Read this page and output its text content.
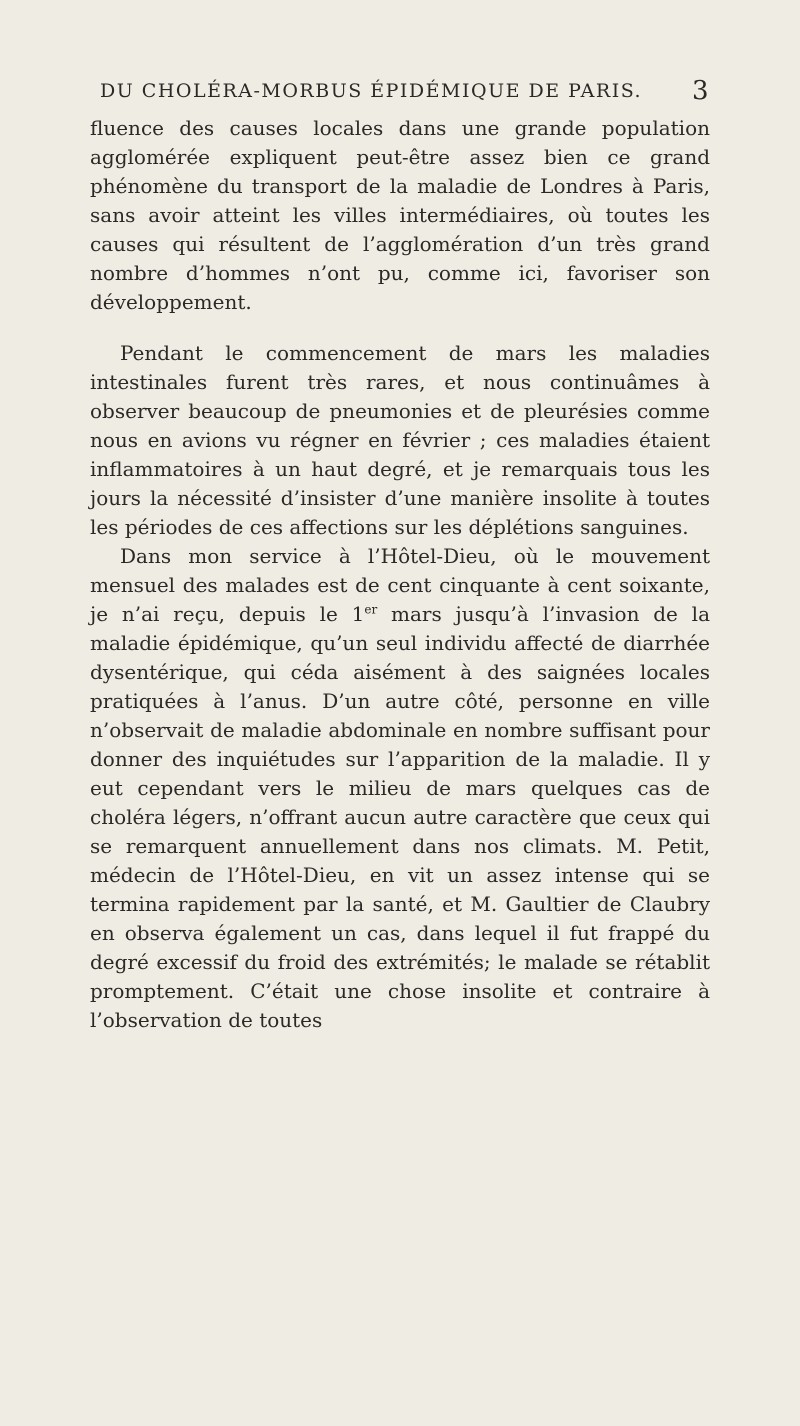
DU CHOLÉRA-MORBUS ÉPIDÉMIQUE DE PARIS. 3

fluence des causes locales dans une grande population agglomérée expliquent peut-être assez bien ce grand phénomène du transport de la maladie de Londres à Paris, sans avoir atteint les villes intermédiaires, où toutes les causes qui résultent de l’agglomération d’un très grand nombre d’hommes n’ont pu, comme ici, favoriser son développement.

Pendant le commencement de mars les maladies intestinales furent très rares, et nous continuâmes à observer beaucoup de pneumonies et de pleurésies comme nous en avions vu régner en février ; ces maladies étaient inflammatoires à un haut degré, et je remarquais tous les jours la nécessité d’insister d’une manière insolite à toutes les périodes de ces affections sur les déplétions sanguines.

Dans mon service à l’Hôtel-Dieu, où le mouvement mensuel des malades est de cent cinquante à cent soixante, je n’ai reçu, depuis le 1er mars jusqu’à l’invasion de la maladie épidémique, qu’un seul individu affecté de diarrhée dysentérique, qui céda aisément à des saignées locales pratiquées à l’anus. D’un autre côté, personne en ville n’observait de maladie abdominale en nombre suffisant pour donner des inquiétudes sur l’apparition de la maladie. Il y eut cependant vers le milieu de mars quelques cas de choléra légers, n’offrant aucun autre caractère que ceux qui se remarquent annuellement dans nos climats. M. Petit, médecin de l’Hôtel-Dieu, en vit un assez intense qui se termina rapidement par la santé, et M. Gaultier de Claubry en observa également un cas, dans lequel il fut frappé du degré excessif du froid des extrémités; le malade se rétablit promptement. C’était une chose insolite et contraire à l’observation de toutes
